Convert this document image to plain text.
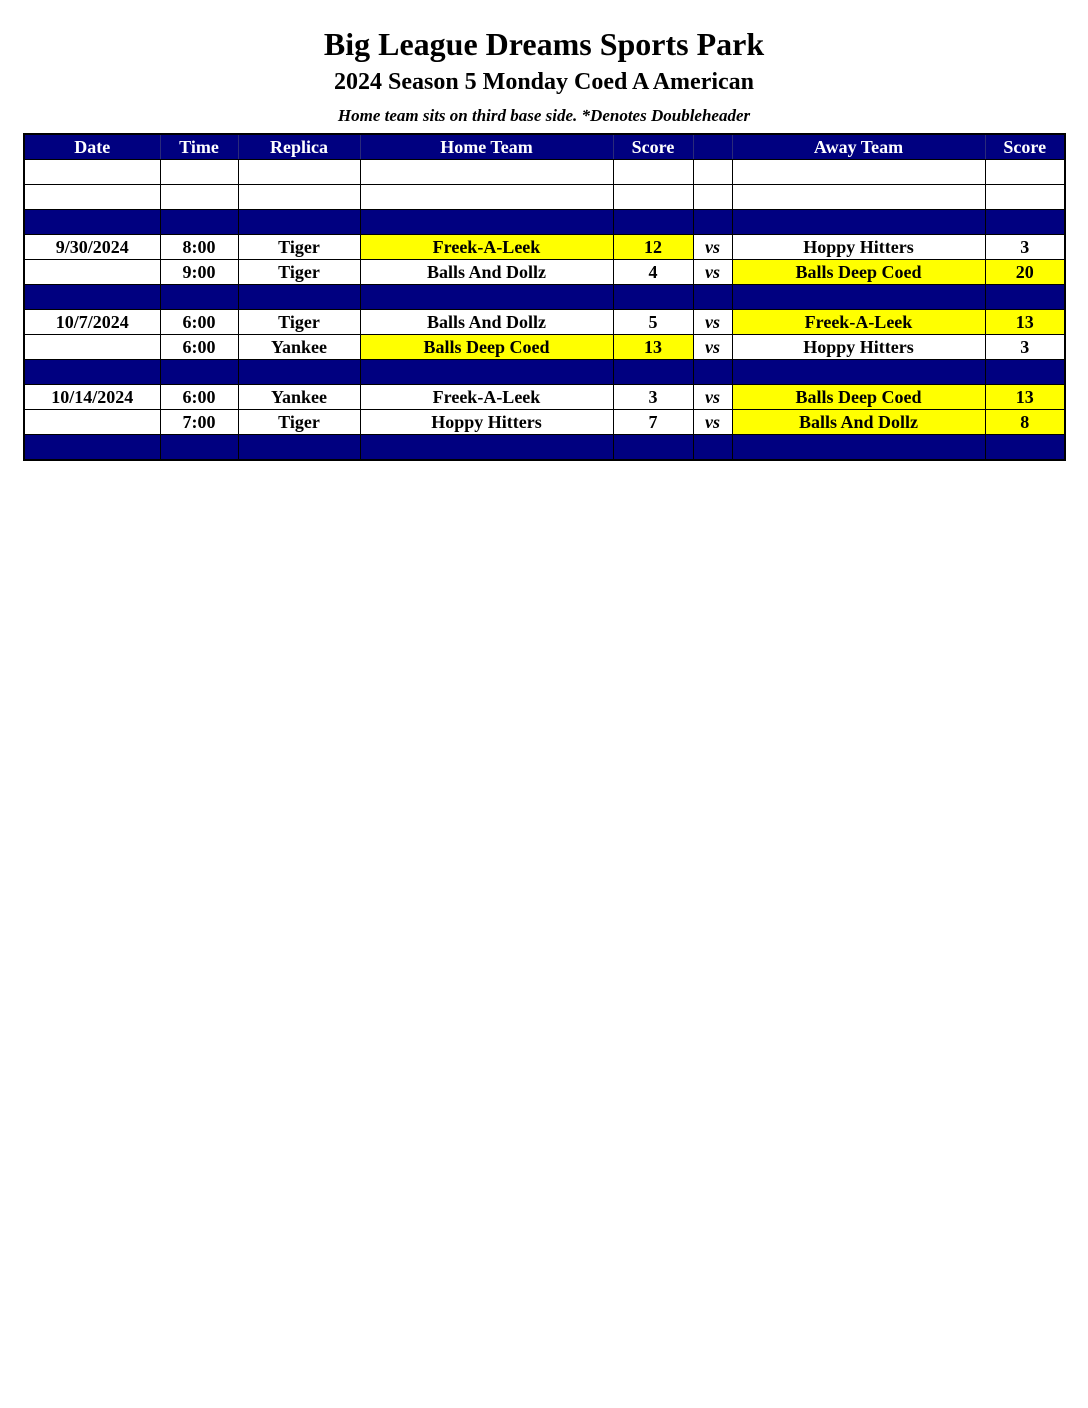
Big League Dreams Sports Park
2024 Season 5 Monday Coed A American
Home team sits on third base side. *Denotes Doubleheader
Date	Time	Replica	Home Team	Score		Away Team	Score

9/30/2024	8:00	Tiger	Freek-A-Leek	12	vs	Hoppy Hitters	3
	9:00	Tiger	Balls And Dollz	4	vs	Balls Deep Coed	20

10/7/2024	6:00	Tiger	Balls And Dollz	5	vs	Freek-A-Leek	13
	6:00	Yankee	Balls Deep Coed	13	vs	Hoppy Hitters	3

10/14/2024	6:00	Yankee	Freek-A-Leek	3	vs	Balls Deep Coed	13
	7:00	Tiger	Hoppy Hitters	7	vs	Balls And Dollz	8
